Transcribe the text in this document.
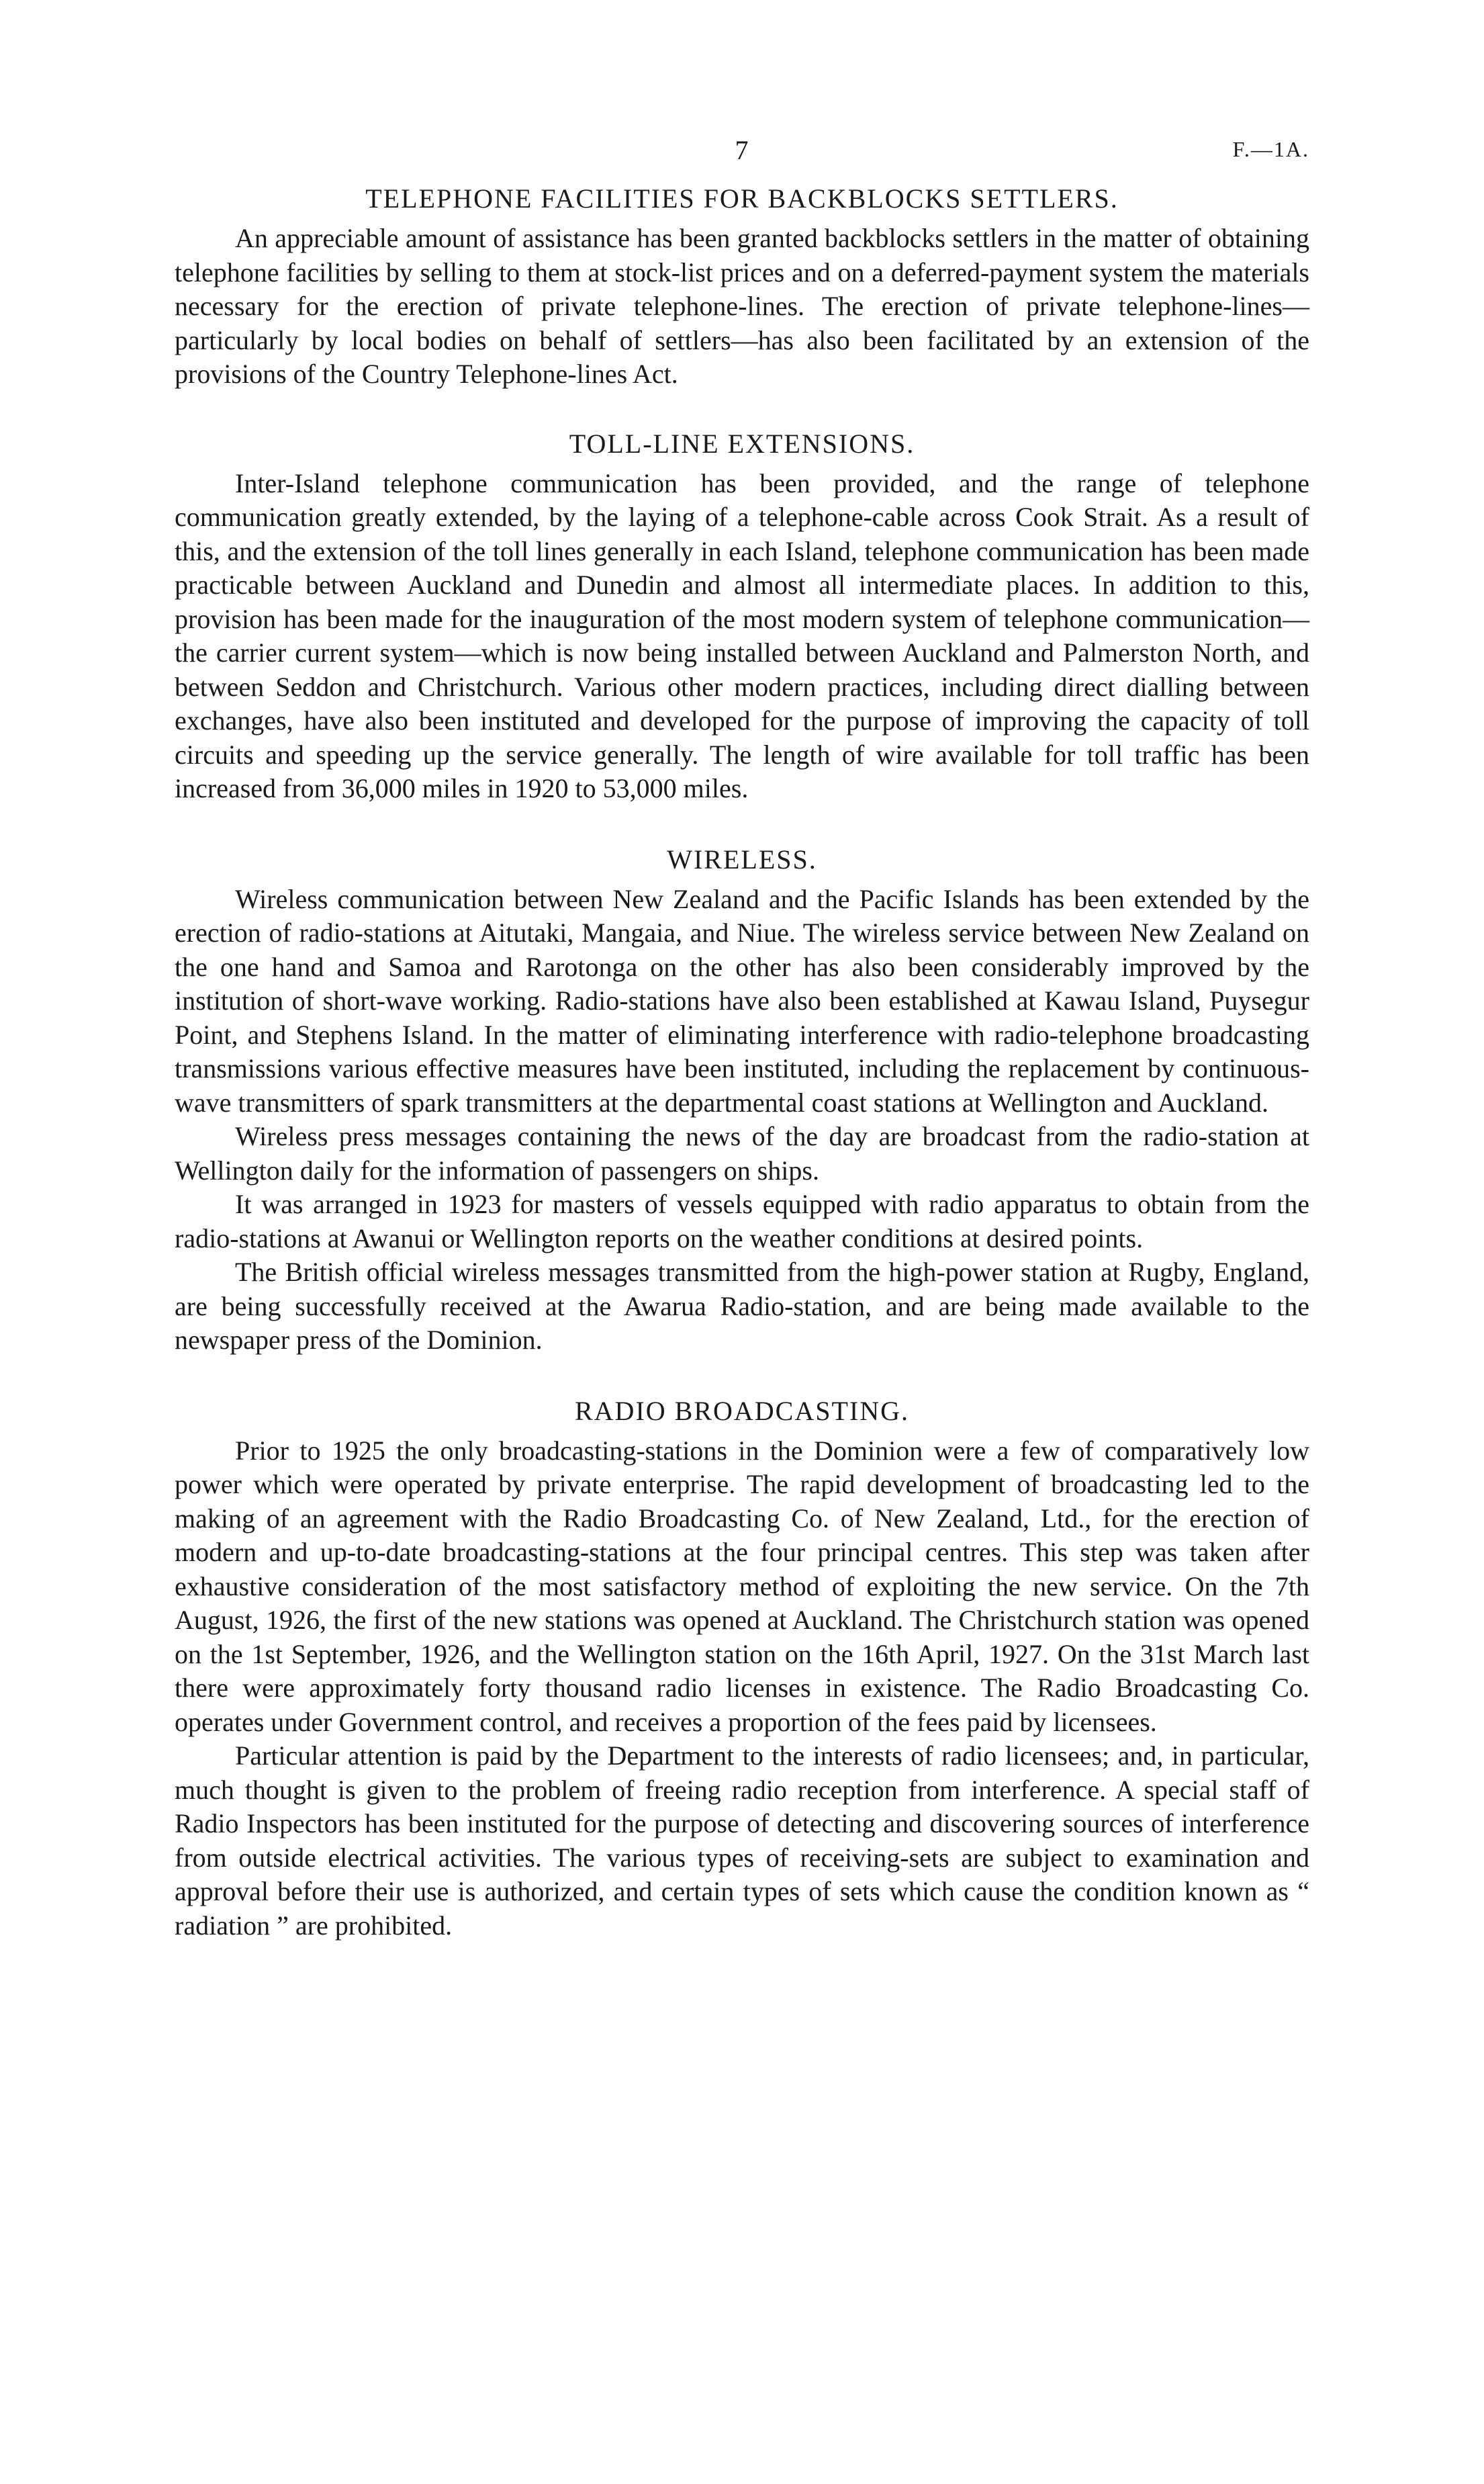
7	F.—1A.
TELEPHONE FACILITIES FOR BACKBLOCKS SETTLERS.

An appreciable amount of assistance has been granted backblocks settlers in the matter of obtaining telephone facilities by selling to them at stock-list prices and on a deferred-payment system the materials necessary for the erection of private telephone-lines. The erection of private telephone-lines—particularly by local bodies on behalf of settlers—has also been facilitated by an extension of the provisions of the Country Telephone-lines Act.

TOLL-LINE EXTENSIONS.

Inter-Island telephone communication has been provided, and the range of telephone communication greatly extended, by the laying of a telephone-cable across Cook Strait. As a result of this, and the extension of the toll lines generally in each Island, telephone communication has been made practicable between Auckland and Dunedin and almost all intermediate places. In addition to this, provision has been made for the inauguration of the most modern system of telephone communication—the carrier current system—which is now being installed between Auckland and Palmerston North, and between Seddon and Christchurch. Various other modern practices, including direct dialling between exchanges, have also been instituted and developed for the purpose of improving the capacity of toll circuits and speeding up the service generally. The length of wire available for toll traffic has been increased from 36,000 miles in 1920 to 53,000 miles.

WIRELESS.

Wireless communication between New Zealand and the Pacific Islands has been extended by the erection of radio-stations at Aitutaki, Mangaia, and Niue. The wireless service between New Zealand on the one hand and Samoa and Rarotonga on the other has also been considerably improved by the institution of short-wave working. Radio-stations have also been established at Kawau Island, Puysegur Point, and Stephens Island. In the matter of eliminating interference with radio-telephone broadcasting transmissions various effective measures have been instituted, including the replacement by continuous-wave transmitters of spark transmitters at the departmental coast stations at Wellington and Auckland.

Wireless press messages containing the news of the day are broadcast from the radio-station at Wellington daily for the information of passengers on ships.

It was arranged in 1923 for masters of vessels equipped with radio apparatus to obtain from the radio-stations at Awanui or Wellington reports on the weather conditions at desired points.

The British official wireless messages transmitted from the high-power station at Rugby, England, are being successfully received at the Awarua Radio-station, and are being made available to the newspaper press of the Dominion.

RADIO BROADCASTING.

Prior to 1925 the only broadcasting-stations in the Dominion were a few of comparatively low power which were operated by private enterprise. The rapid development of broadcasting led to the making of an agreement with the Radio Broadcasting Co. of New Zealand, Ltd., for the erection of modern and up-to-date broadcasting-stations at the four principal centres. This step was taken after exhaustive consideration of the most satisfactory method of exploiting the new service. On the 7th August, 1926, the first of the new stations was opened at Auckland. The Christchurch station was opened on the 1st September, 1926, and the Wellington station on the 16th April, 1927. On the 31st March last there were approximately forty thousand radio licenses in existence. The Radio Broadcasting Co. operates under Government control, and receives a proportion of the fees paid by licensees.

Particular attention is paid by the Department to the interests of radio licensees; and, in particular, much thought is given to the problem of freeing radio reception from interference. A special staff of Radio Inspectors has been instituted for the purpose of detecting and discovering sources of interference from outside electrical activities. The various types of receiving-sets are subject to examination and approval before their use is authorized, and certain types of sets which cause the condition known as “ radiation ” are prohibited.
